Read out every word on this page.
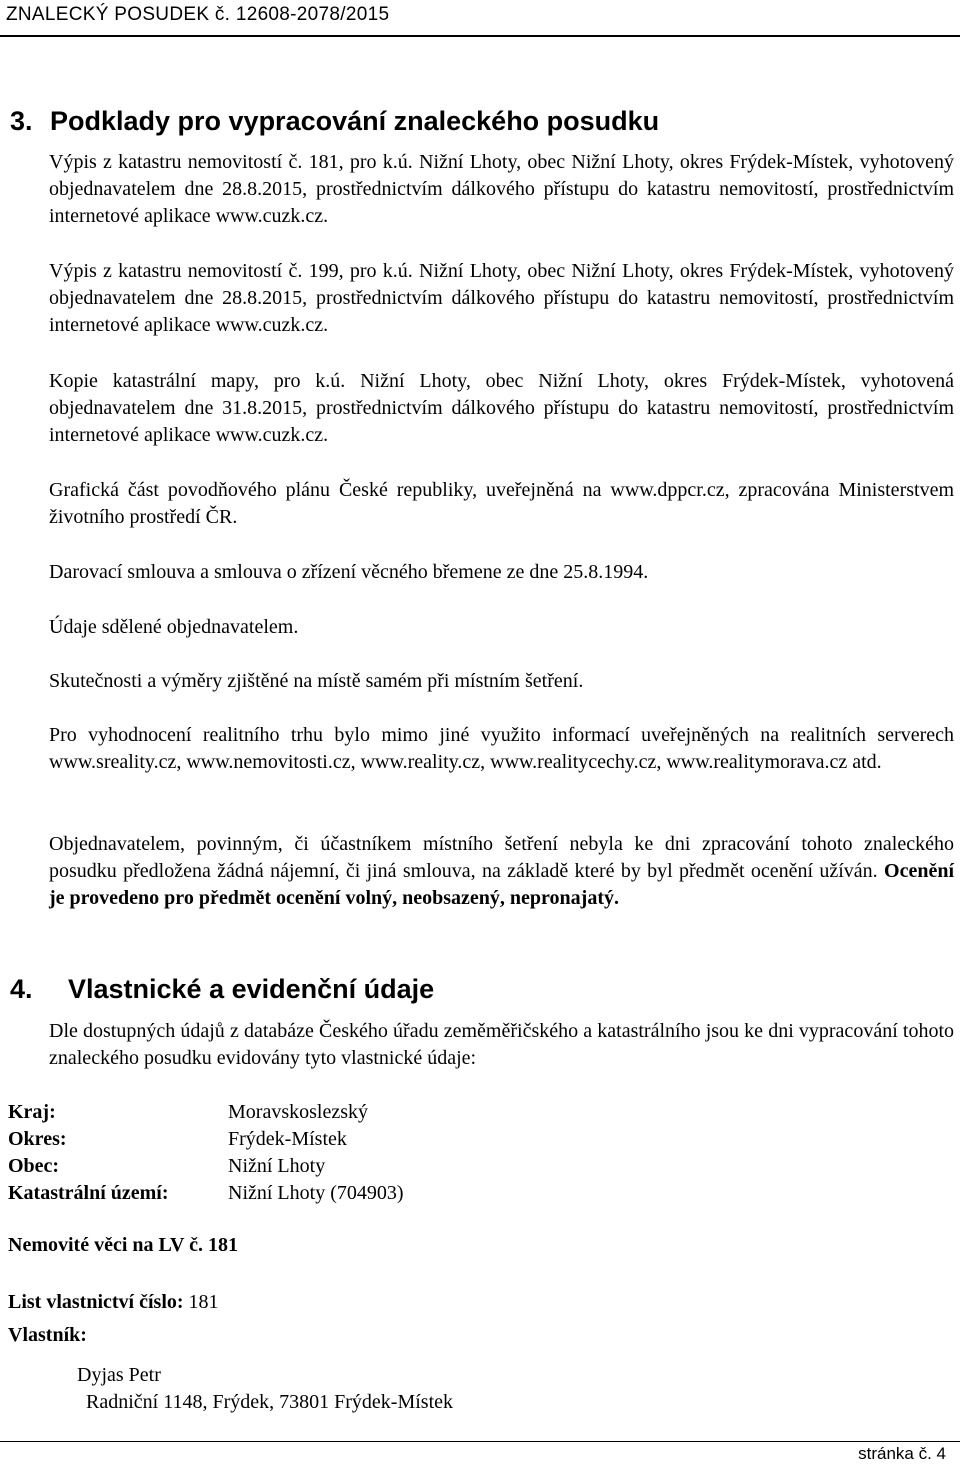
ZNALECKÝ POSUDEK č. 12608-2078/2015
3. Podklady pro vypracování znaleckého posudku

Výpis z katastru nemovitostí č. 181, pro k.ú. Nižní Lhoty, obec Nižní Lhoty, okres Frýdek-Místek, vyhotovený objednavatelem dne 28.8.2015, prostřednictvím dálkového přístupu do katastru nemovitostí, prostřednictvím internetové aplikace www.cuzk.cz.

Výpis z katastru nemovitostí č. 199, pro k.ú. Nižní Lhoty, obec Nižní Lhoty, okres Frýdek-Místek, vyhotovený objednavatelem dne 28.8.2015, prostřednictvím dálkového přístupu do katastru nemovitostí, prostřednictvím internetové aplikace www.cuzk.cz.

Kopie katastrální mapy, pro k.ú. Nižní Lhoty, obec Nižní Lhoty, okres Frýdek-Místek, vyhotovená objednavatelem dne 31.8.2015, prostřednictvím dálkového přístupu do katastru nemovitostí, prostřednictvím internetové aplikace www.cuzk.cz.

Grafická část povodňového plánu České republiky, uveřejněná na www.dppcr.cz, zpracována Ministerstvem životního prostředí ČR.

Darovací smlouva a smlouva o zřízení věcného břemene ze dne 25.8.1994.

Údaje sdělené objednavatelem.

Skutečnosti a výměry zjištěné na místě samém při místním šetření.

Pro vyhodnocení realitního trhu bylo mimo jiné využito informací uveřejněných na realitních serverech www.sreality.cz, www.nemovitosti.cz, www.reality.cz, www.realitycechy.cz, www.realitymorava.cz atd.

Objednavatelem, povinným, či účastníkem místního šetření nebyla ke dni zpracování tohoto znaleckého posudku předložena žádná nájemní, či jiná smlouva, na základě které by byl předmět ocenění užíván. Ocenění je provedeno pro předmět ocenění volný, neobsazený, nepronajatý.

4. Vlastnické a evidenční údaje

Dle dostupných údajů z databáze Českého úřadu zeměměřičského a katastrálního jsou ke dni vypracování tohoto znaleckého posudku evidovány tyto vlastnické údaje:

Kraj:	Moravskoslezský
Okres:	Frýdek-Místek
Obec:	Nižní Lhoty
Katastrální území:	Nižní Lhoty (704903)
Nemovité věci na LV č. 181
List vlastnictví číslo: 181
Vlastník:
Dyjas Petr
Radniční 1148, Frýdek, 73801 Frýdek-Místek
stránka č. 4
